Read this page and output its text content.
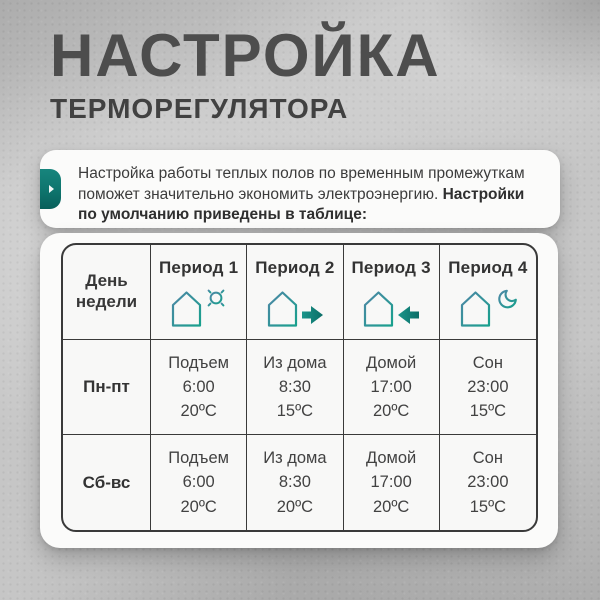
НАСТРОЙКА
ТЕРМОРЕГУЛЯТОРА
Настройка работы теплых полов по временным промежуткам поможет значительно экономить электроэнергию. Настройки по умолчанию приведены в таблице:
День недели
Период 1 Период 2 Период 3 Период 4
Пн-пт
Подъем
6:00
20ºC
Из дома
8:30
15ºC
Домой
17:00
20ºC
Сон
23:00
15ºC
Сб-вс
Подъем
6:00
20ºC
Из дома
8:30
20ºC
Домой
17:00
20ºC
Сон
23:00
15ºC
